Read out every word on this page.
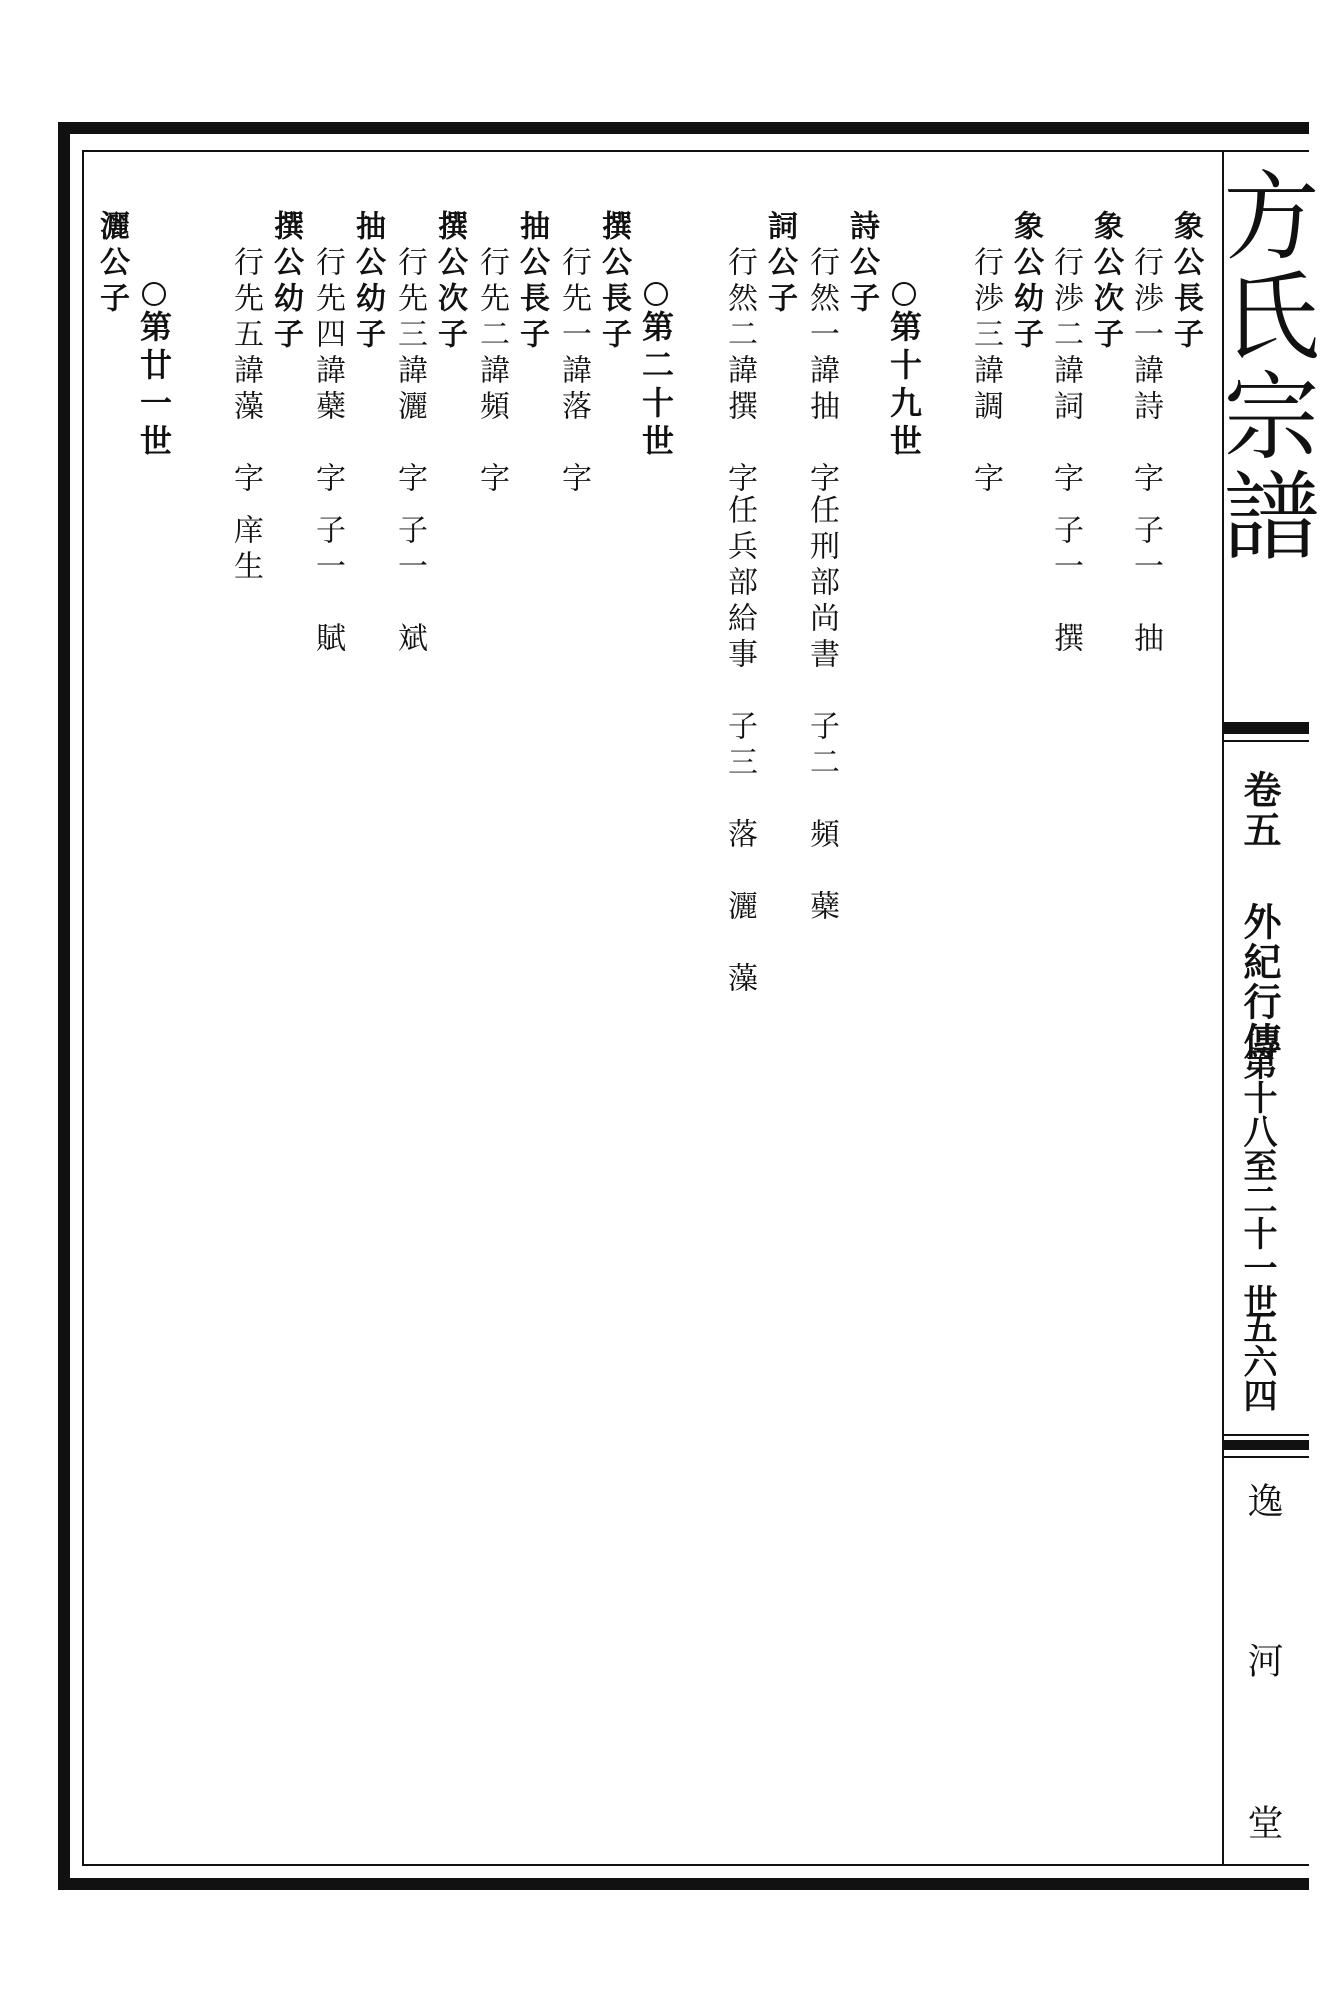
方氏宗譜
卷五
外紀行傳
第十八至二十一世
五六四
逸
河
堂
象公長子
行渉一諱詩　字
子一　抽
象公次子
行渉二諱詞　字
子一　撰
象公幼子
行渉三諱調　字
第十九世
詩公子
行然一諱抽　字
任刑部尚書　子二　頻　蘗
詞公子
行然二諱撰　字
任兵部給事　子三　落　灑　藻
第二十世
撰公長子
行先一諱落　字
抽公長子
行先二諱頻　字
撰公次子
行先三諱灑　字
子一　斌
抽公幼子
行先四諱蘗　字
子一　賦
撰公幼子
行先五諱藻　字
庠生
第廿一世
灑公子
